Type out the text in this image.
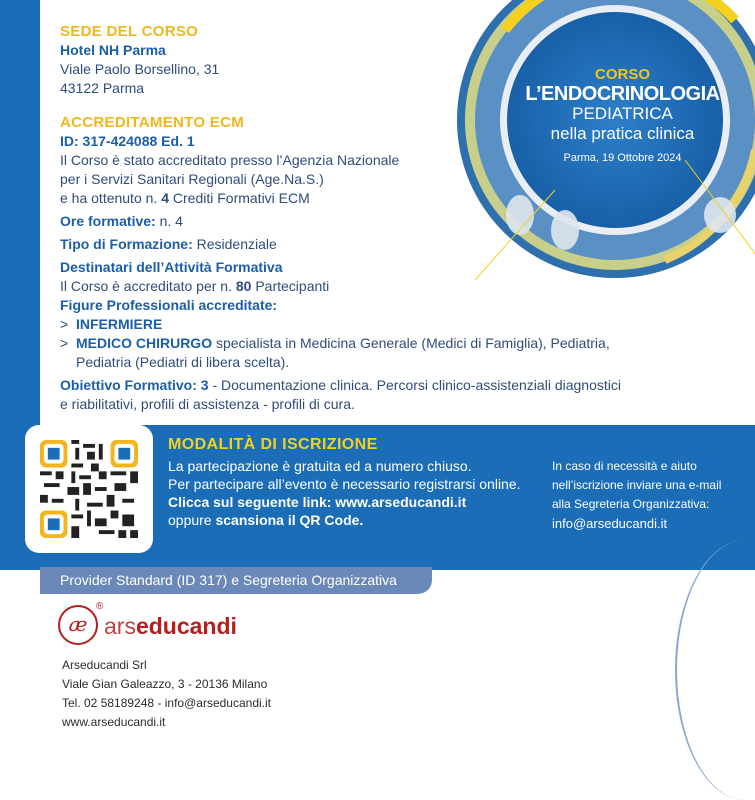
CORSO
L’ENDOCRINOLOGIA
PEDIATRICA
nella pratica clinica
Parma, 19 Ottobre 2024
SEDE DEL CORSO
Hotel NH Parma
Viale Paolo Borsellino, 31
43122 Parma
ACCREDITAMENTO ECM
ID: 317-424088 Ed. 1
Il Corso è stato accreditato presso l’Agenzia Nazionale
per i Servizi Sanitari Regionali (Age.Na.S.)
e ha ottenuto n. 4 Crediti Formativi ECM
Ore formative: n. 4
Tipo di Formazione: Residenziale
Destinatari dell’Attività Formativa
Il Corso è accreditato per n. 80 Partecipanti
Figure Professionali accreditate:
> INFERMIERE
> MEDICO CHIRURGO specialista in Medicina Generale (Medici di Famiglia), Pediatria,
Pediatria (Pediatri di libera scelta).
Obiettivo Formativo: 3 - Documentazione clinica. Percorsi clinico-assistenziali diagnostici
e riabilitativi, profili di assistenza - profili di cura.
MODALITÀ DI ISCRIZIONE
La partecipazione è gratuita ed a numero chiuso.
Per partecipare all’evento è necessario registrarsi online.
Clicca sul seguente link: www.arseducandi.it
oppure scansiona il QR Code.
In caso di necessità e aiuto
nell’iscrizione inviare una e-mail
alla Segreteria Organizzativa:
info@arseducandi.it
Provider Standard (ID 317) e Segreteria Organizzativa
æ
®
arseducandi
Arseducandi Srl
Viale Gian Galeazzo, 3 - 20136 Milano
Tel. 02 58189248 - info@arseducandi.it
www.arseducandi.it
